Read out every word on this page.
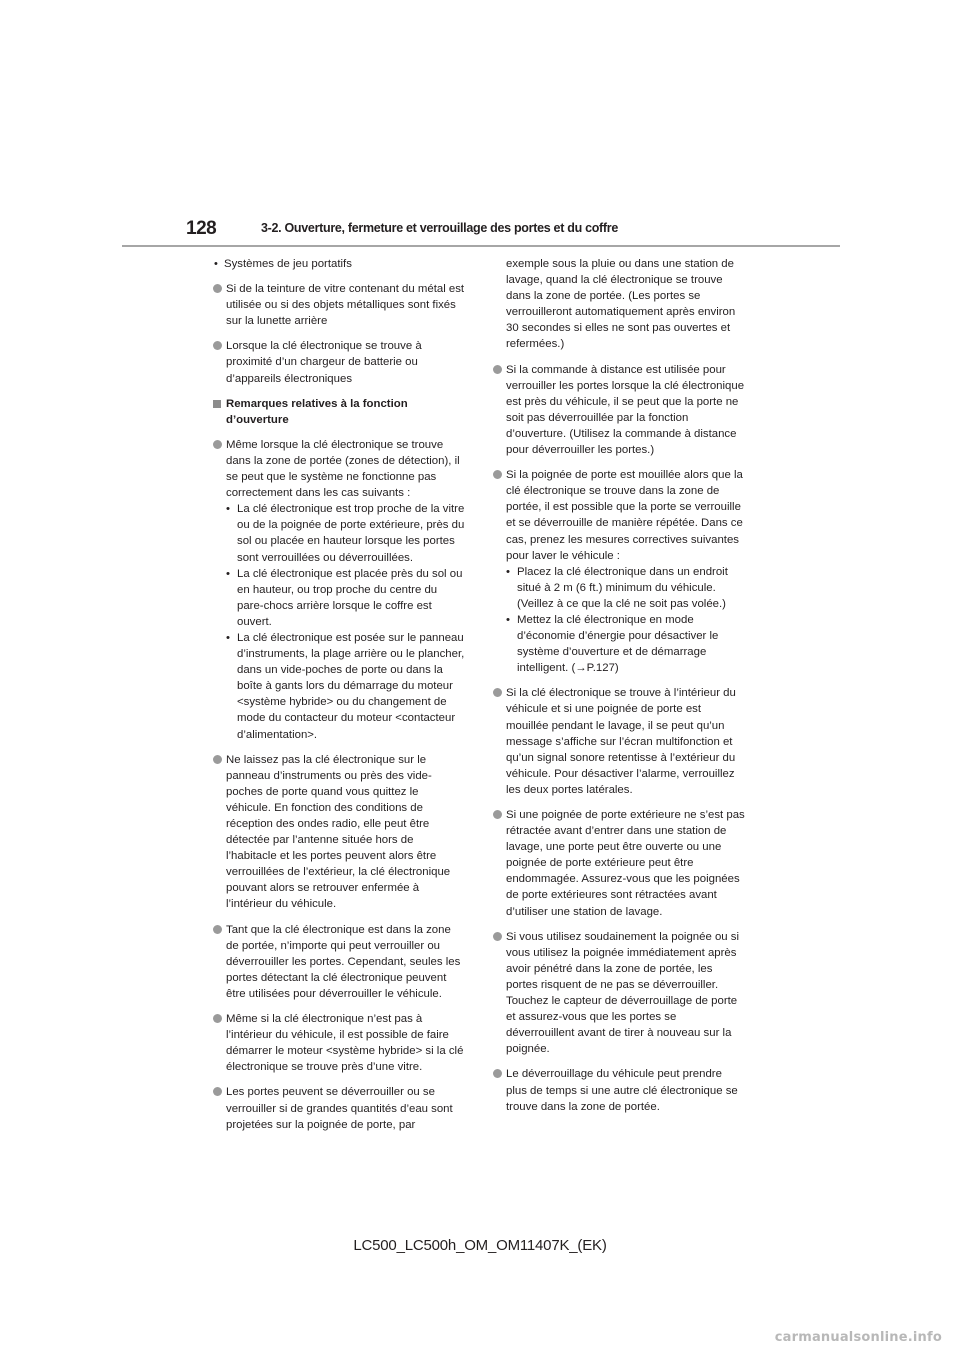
128	3-2. Ouverture, fermeture et verrouillage des portes et du coffre
• Systèmes de jeu portatifs
Si de la teinture de vitre contenant du métal est utilisée ou si des objets métalliques sont fixés sur la lunette arrière
Lorsque la clé électronique se trouve à proximité d’un chargeur de batterie ou d’appareils électroniques
Remarques relatives à la fonction d’ouverture
Même lorsque la clé électronique se trouve dans la zone de portée (zones de détection), il se peut que le système ne fonctionne pas correctement dans les cas suivants :
• La clé électronique est trop proche de la vitre ou de la poignée de porte extérieure, près du sol ou placée en hauteur lorsque les portes sont verrouillées ou déverrouillées.
• La clé électronique est placée près du sol ou en hauteur, ou trop proche du centre du pare-chocs arrière lorsque le coffre est ouvert.
• La clé électronique est posée sur le panneau d’instruments, la plage arrière ou le plancher, dans un vide-poches de porte ou dans la boîte à gants lors du démarrage du moteur <système hybride> ou du changement de mode du contacteur du moteur <contacteur d’alimentation>.
Ne laissez pas la clé électronique sur le panneau d’instruments ou près des vide-poches de porte quand vous quittez le véhicule. En fonction des conditions de réception des ondes radio, elle peut être détectée par l’antenne située hors de l’habitacle et les portes peuvent alors être verrouillées de l’extérieur, la clé électronique pouvant alors se retrouver enfermée à l’intérieur du véhicule.
Tant que la clé électronique est dans la zone de portée, n’importe qui peut verrouiller ou déverrouiller les portes. Cependant, seules les portes détectant la clé électronique peuvent être utilisées pour déverrouiller le véhicule.
Même si la clé électronique n’est pas à l’intérieur du véhicule, il est possible de faire démarrer le moteur <système hybride> si la clé électronique se trouve près d’une vitre.
Les portes peuvent se déverrouiller ou se verrouiller si de grandes quantités d’eau sont projetées sur la poignée de porte, par
exemple sous la pluie ou dans une station de lavage, quand la clé électronique se trouve dans la zone de portée. (Les portes se verrouilleront automatiquement après environ 30 secondes si elles ne sont pas ouvertes et refermées.)
Si la commande à distance est utilisée pour verrouiller les portes lorsque la clé électronique est près du véhicule, il se peut que la porte ne soit pas déverrouillée par la fonction d’ouverture. (Utilisez la commande à distance pour déverrouiller les portes.)
Si la poignée de porte est mouillée alors que la clé électronique se trouve dans la zone de portée, il est possible que la porte se verrouille et se déverrouille de manière répétée. Dans ce cas, prenez les mesures correctives suivantes pour laver le véhicule :
• Placez la clé électronique dans un endroit situé à 2 m (6 ft.) minimum du véhicule. (Veillez à ce que la clé ne soit pas volée.)
• Mettez la clé électronique en mode d’économie d’énergie pour désactiver le système d’ouverture et de démarrage intelligent. (→P.127)
Si la clé électronique se trouve à l’intérieur du véhicule et si une poignée de porte est mouillée pendant le lavage, il se peut qu’un message s’affiche sur l’écran multifonction et qu’un signal sonore retentisse à l’extérieur du véhicule. Pour désactiver l’alarme, verrouillez les deux portes latérales.
Si une poignée de porte extérieure ne s’est pas rétractée avant d’entrer dans une station de lavage, une porte peut être ouverte ou une poignée de porte extérieure peut être endommagée. Assurez-vous que les poignées de porte extérieures sont rétractées avant d’utiliser une station de lavage.
Si vous utilisez soudainement la poignée ou si vous utilisez la poignée immédiatement après avoir pénétré dans la zone de portée, les portes risquent de ne pas se déverrouiller. Touchez le capteur de déverrouillage de porte et assurez-vous que les portes se déverrouillent avant de tirer à nouveau sur la poignée.
Le déverrouillage du véhicule peut prendre plus de temps si une autre clé électronique se trouve dans la zone de portée.
LC500_LC500h_OM_OM11407K_(EK)
carmanualsonline.info
